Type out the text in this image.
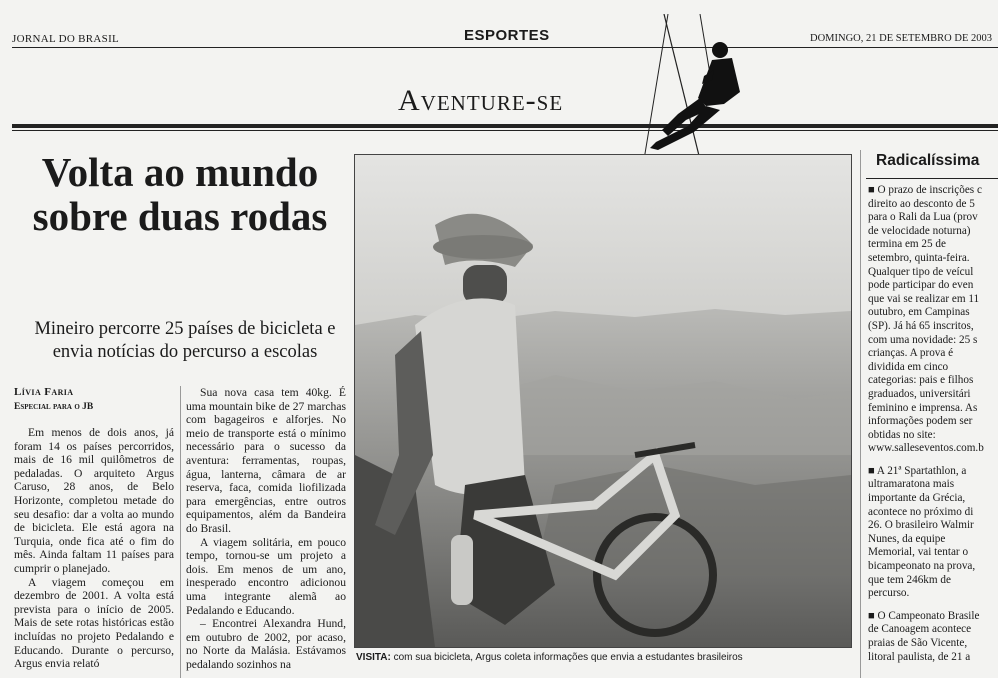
JORNAL DO BRASIL	ESPORTES	DOMINGO, 21 DE SETEMBRO DE 2003
Aventure-se
Volta ao mundo sobre duas rodas
Mineiro percorre 25 países de bicicleta e envia notícias do percurso a escolas
Lívia Faria
Especial para o JB

Em menos de dois anos, já foram 14 os países percorridos, mais de 16 mil quilômetros de pedaladas. O arquiteto Argus Caruso, 28 anos, de Belo Horizonte, completou metade do seu desafio: dar a volta ao mundo de bicicleta. Ele está agora na Turquia, onde fica até o fim do mês. Ainda faltam 11 países para cumprir o planejado.

A viagem começou em dezembro de 2001. A volta está prevista para o início de 2005. Mais de sete rotas históricas estão incluídas no projeto Pedalando e Educando. Durante o percurso, Argus envia relató

Sua nova casa tem 40kg. É uma mountain bike de 27 marchas com bagageiros e alforjes. No meio de transporte está o mínimo necessário para o sucesso da aventura: ferramentas, roupas, água, lanterna, câmara de ar reserva, faca, comida liofilizada para emergências, entre outros equipamentos, além da Bandeira do Brasil.

A viagem solitária, em pouco tempo, tornou-se um projeto a dois. Em menos de um ano, inesperado encontro adicionou uma integrante alemã ao Pedalando e Educando.

– Encontrei Alexandra Hund, em outubro de 2002, por acaso, no Norte da Malásia. Estávamos pedalando sozinhos na

VISITA: com sua bicicleta, Argus coleta informações que envia a estudantes brasileiros
Radicalíssima

■ O prazo de inscrições c
direito ao desconto de 5
para o Rali da Lua (prov
de velocidade noturna)
termina em 25 de
setembro, quinta-feira.
Qualquer tipo de veícul
pode participar do even
que vai se realizar em 11
outubro, em Campinas
(SP). Já há 65 inscritos,
com uma novidade: 25 s
crianças. A prova é
dividida em cinco
categorias: pais e filhos
graduados, universitári
feminino e imprensa. As
informações podem ser
obtidas no site:
www.salleseventos.com.b

■ A 21ª Spartathlon, a
ultramaratona mais
importante da Grécia,
acontece no próximo di
26. O brasileiro Walmir
Nunes, da equipe
Memorial, vai tentar o
bicampeonato na prova,
que tem 246km de
percurso.

■ O Campeonato Brasile
de Canoagem acontece
praias de São Vicente,
litoral paulista, de 21 a
